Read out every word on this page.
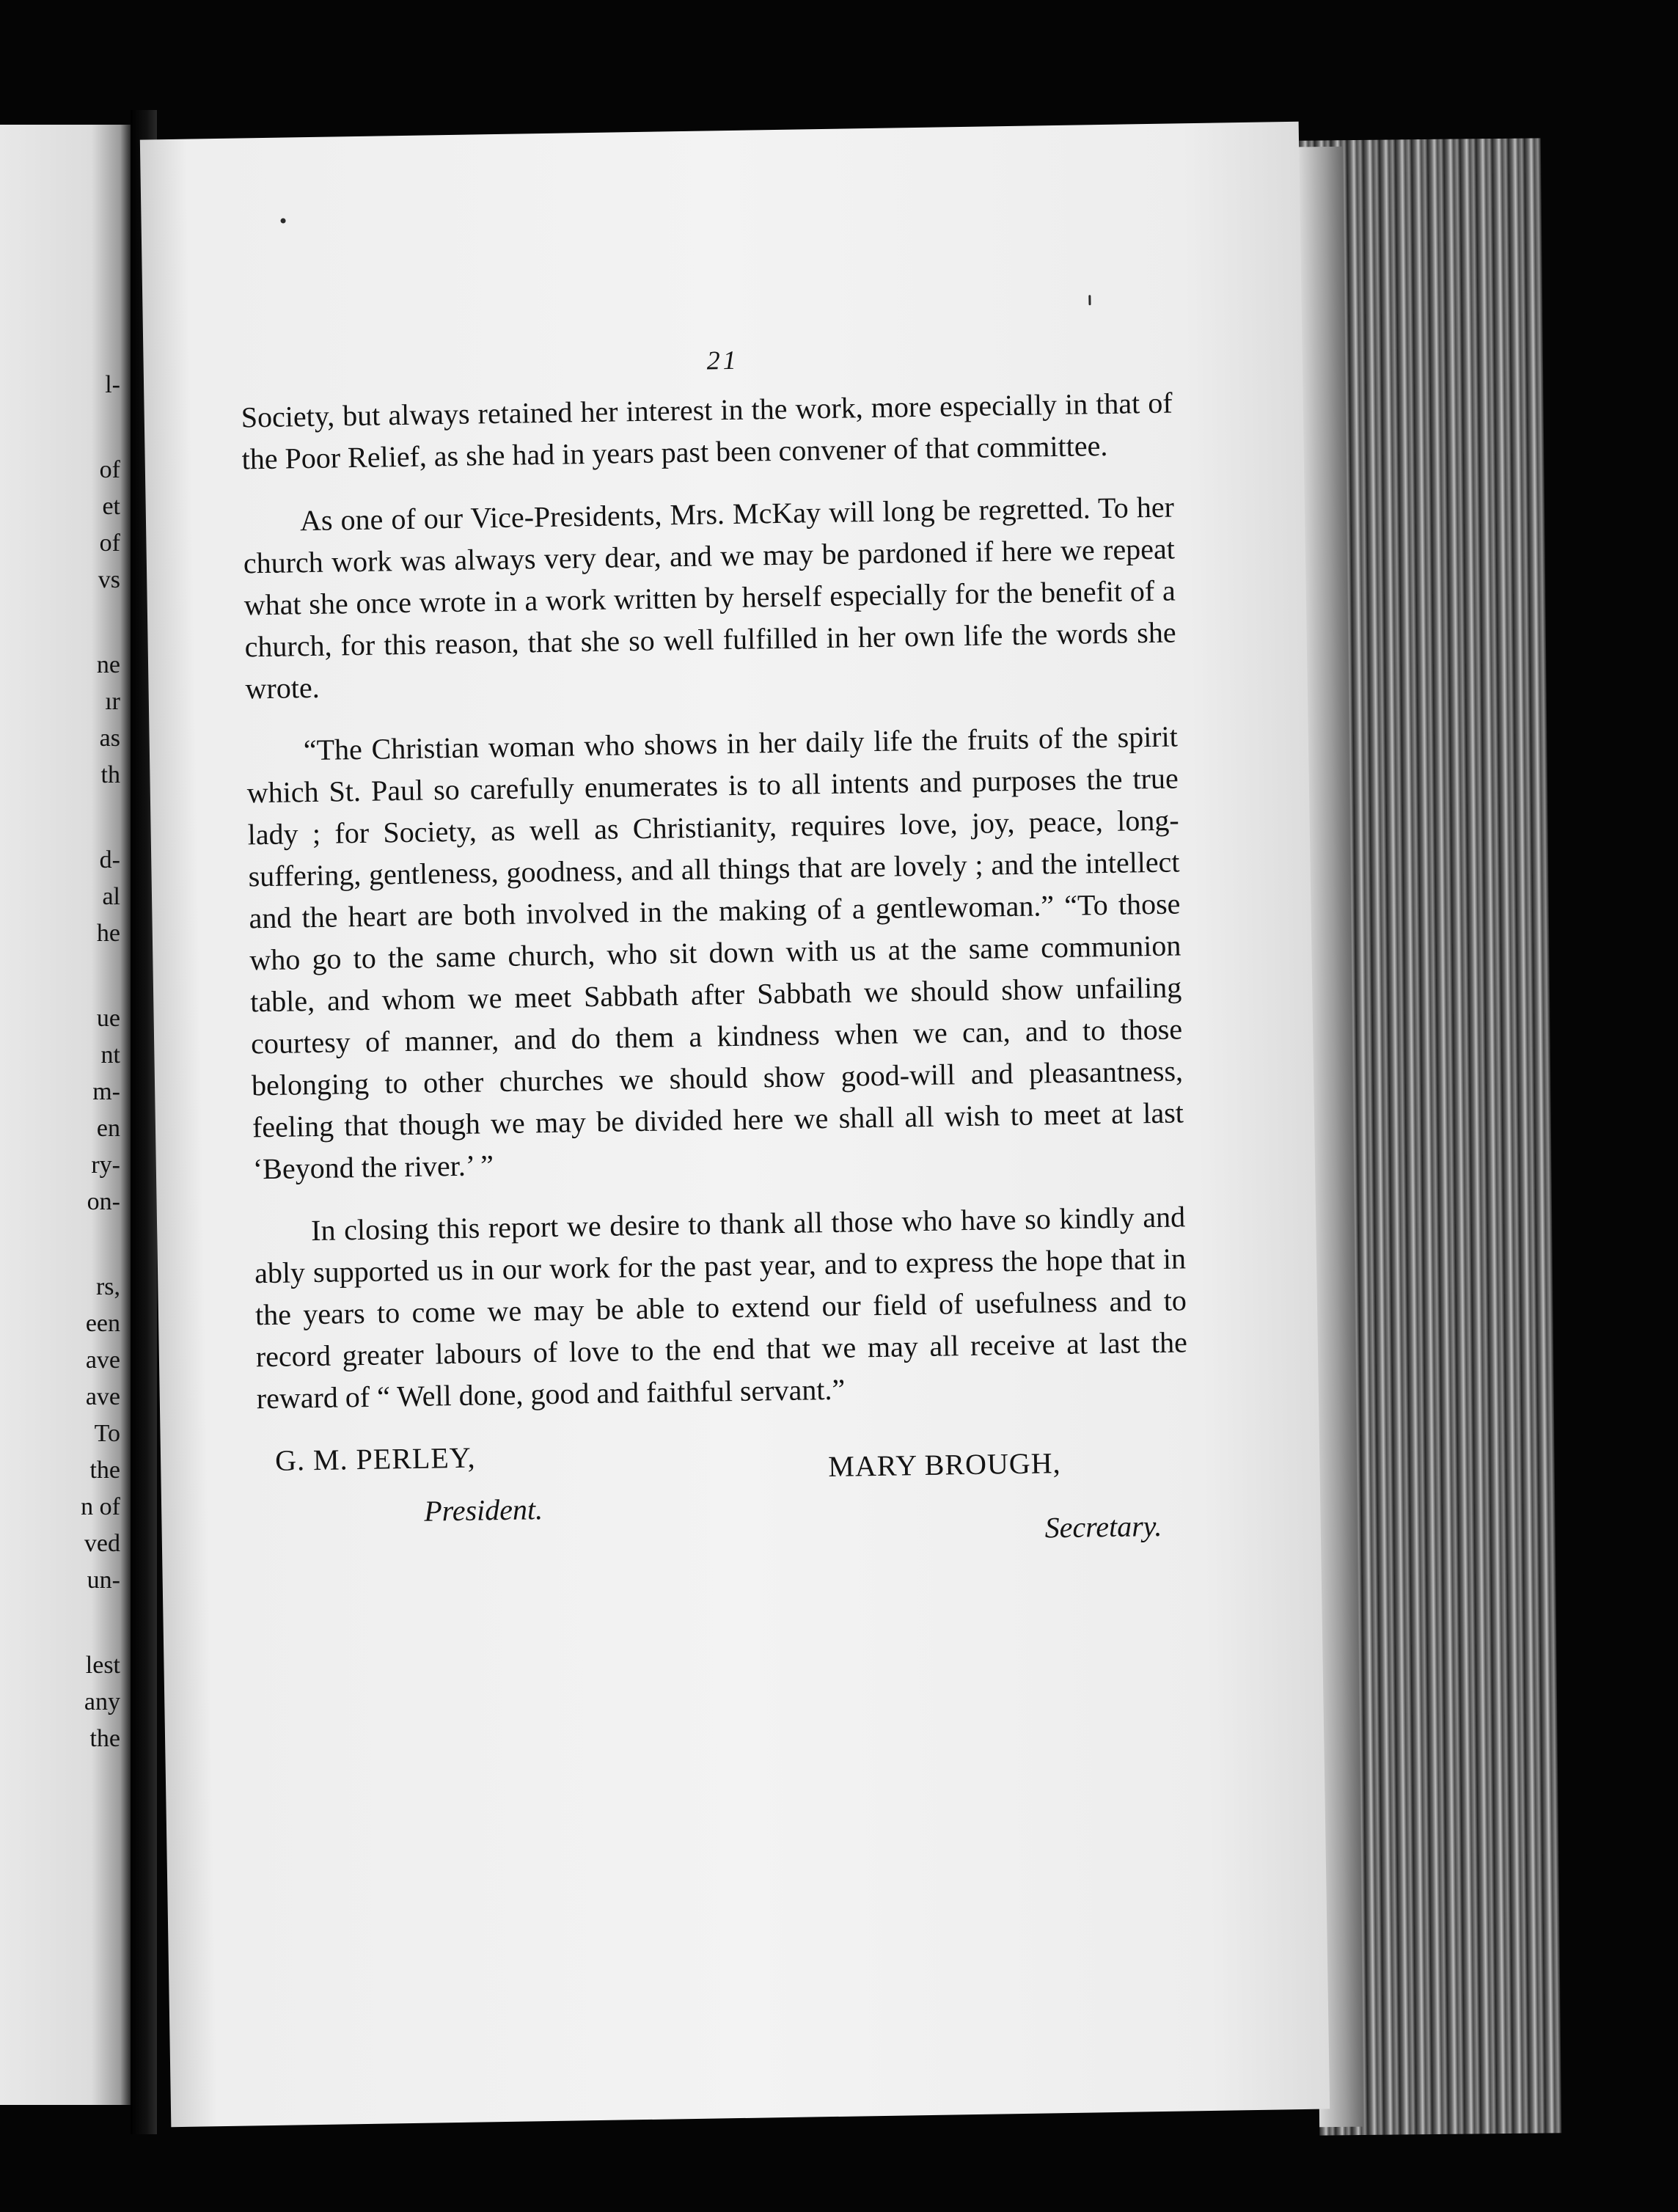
l-
of
et
of
vs
ne
ır
as
th
d-
al
he
ue
nt
m-
en
ry-
on-
rs,
een
ave
ave
To
the
n of
ved
un-
lest
any
the
21

Society, but always retained her interest in the work, more especially in that of the Poor Relief, as she had in years past been convener of that committee.

As one of our Vice-Presidents, Mrs. McKay will long be regretted. To her church work was always very dear, and we may be pardoned if here we repeat what she once wrote in a work written by herself especially for the benefit of a church, for this reason, that she so well fulfilled in her own life the words she wrote.

“The Christian woman who shows in her daily life the fruits of the spirit which St. Paul so carefully enumerates is to all intents and purposes the true lady ; for Society, as well as Christianity, requires love, joy, peace, long-suffering, gentleness, goodness, and all things that are lovely ; and the intellect and the heart are both involved in the making of a gentlewoman.” “To those who go to the same church, who sit down with us at the same communion table, and whom we meet Sabbath after Sabbath we should show unfailing courtesy of manner, and do them a kindness when we can, and to those belonging to other churches we should show good-will and pleasantness, feeling that though we may be divided here we shall all wish to meet at last ‘Beyond the river.’ ”

In closing this report we desire to thank all those who have so kindly and ably supported us in our work for the past year, and to express the hope that in the years to come we may be able to extend our field of usefulness and to record greater labours of love to the end that we may all receive at last the reward of “ Well done, good and faithful servant.”

G. M. PERLEY,
President.
MARY BROUGH,
Secretary.
